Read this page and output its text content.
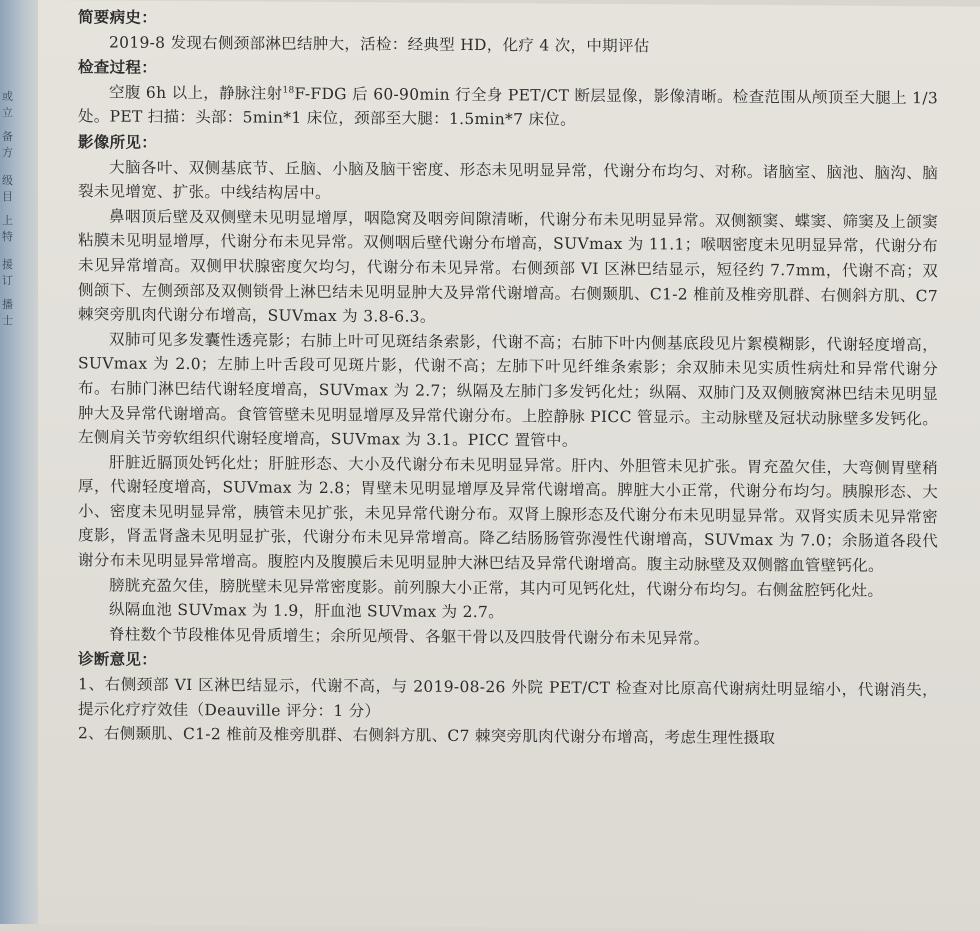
或立
备方
级目
上特
援订
播士
简要病史：
2019-8 发现右侧颈部淋巴结肿大，活检：经典型 HD，化疗 4 次，中期评估
检查过程：
空腹 6h 以上，静脉注射$^{18}$F-FDG 后 60-90min 行全身 PET/CT 断层显像，影像清晰。检查范围从颅顶至大腿上 1/3 处。PET 扫描：头部：5min*1 床位，颈部至大腿：1.5min*7 床位。
影像所见：
大脑各叶、双侧基底节、丘脑、小脑及脑干密度、形态未见明显异常，代谢分布均匀、对称。诸脑室、脑池、脑沟、脑裂未见增宽、扩张。中线结构居中。
鼻咽顶后壁及双侧壁未见明显增厚，咽隐窝及咽旁间隙清晰，代谢分布未见明显异常。双侧额窦、蝶窦、筛窦及上颌窦粘膜未见明显增厚，代谢分布未见异常。双侧咽后壁代谢分布增高，SUVmax 为 11.1；喉咽密度未见明显异常，代谢分布未见异常增高。双侧甲状腺密度欠均匀，代谢分布未见异常。右侧颈部 VI 区淋巴结显示，短径约 7.7mm，代谢不高；双侧颌下、左侧颈部及双侧锁骨上淋巴结未见明显肿大及异常代谢增高。右侧颞肌、C1-2 椎前及椎旁肌群、右侧斜方肌、C7 棘突旁肌肉代谢分布增高，SUVmax 为 3.8-6.3。
双肺可见多发囊性透亮影；右肺上叶可见斑结条索影，代谢不高；右肺下叶内侧基底段见片絮模糊影，代谢轻度增高，SUVmax 为 2.0；左肺上叶舌段可见斑片影，代谢不高；左肺下叶见纤维条索影；余双肺未见实质性病灶和异常代谢分布。右肺门淋巴结代谢轻度增高，SUVmax 为 2.7；纵隔及左肺门多发钙化灶；纵隔、双肺门及双侧腋窝淋巴结未见明显肿大及异常代谢增高。食管管壁未见明显增厚及异常代谢分布。上腔静脉 PICC 管显示。主动脉壁及冠状动脉壁多发钙化。左侧肩关节旁软组织代谢轻度增高，SUVmax 为 3.1。PICC 置管中。
肝脏近膈顶处钙化灶；肝脏形态、大小及代谢分布未见明显异常。肝内、外胆管未见扩张。胃充盈欠佳，大弯侧胃壁稍厚，代谢轻度增高，SUVmax 为 2.8；胃壁未见明显增厚及异常代谢增高。脾脏大小正常，代谢分布均匀。胰腺形态、大小、密度未见明显异常，胰管未见扩张，未见异常代谢分布。双肾上腺形态及代谢分布未见明显异常。双肾实质未见异常密度影，肾盂肾盏未见明显扩张，代谢分布未见异常增高。降乙结肠肠管弥漫性代谢增高，SUVmax 为 7.0；余肠道各段代谢分布未见明显异常增高。腹腔内及腹膜后未见明显肿大淋巴结及异常代谢增高。腹主动脉壁及双侧髂血管壁钙化。
膀胱充盈欠佳，膀胱壁未见异常密度影。前列腺大小正常，其内可见钙化灶，代谢分布均匀。右侧盆腔钙化灶。
纵隔血池 SUVmax 为 1.9，肝血池 SUVmax 为 2.7。
脊柱数个节段椎体见骨质增生；余所见颅骨、各躯干骨以及四肢骨代谢分布未见异常。
诊断意见：
1、右侧颈部 VI 区淋巴结显示，代谢不高，与 2019-08-26 外院 PET/CT 检查对比原高代谢病灶明显缩小，代谢消失，提示化疗疗效佳（Deauville 评分：1 分）
2、右侧颞肌、C1-2 椎前及椎旁肌群、右侧斜方肌、C7 棘突旁肌肉代谢分布增高，考虑生理性摄取
